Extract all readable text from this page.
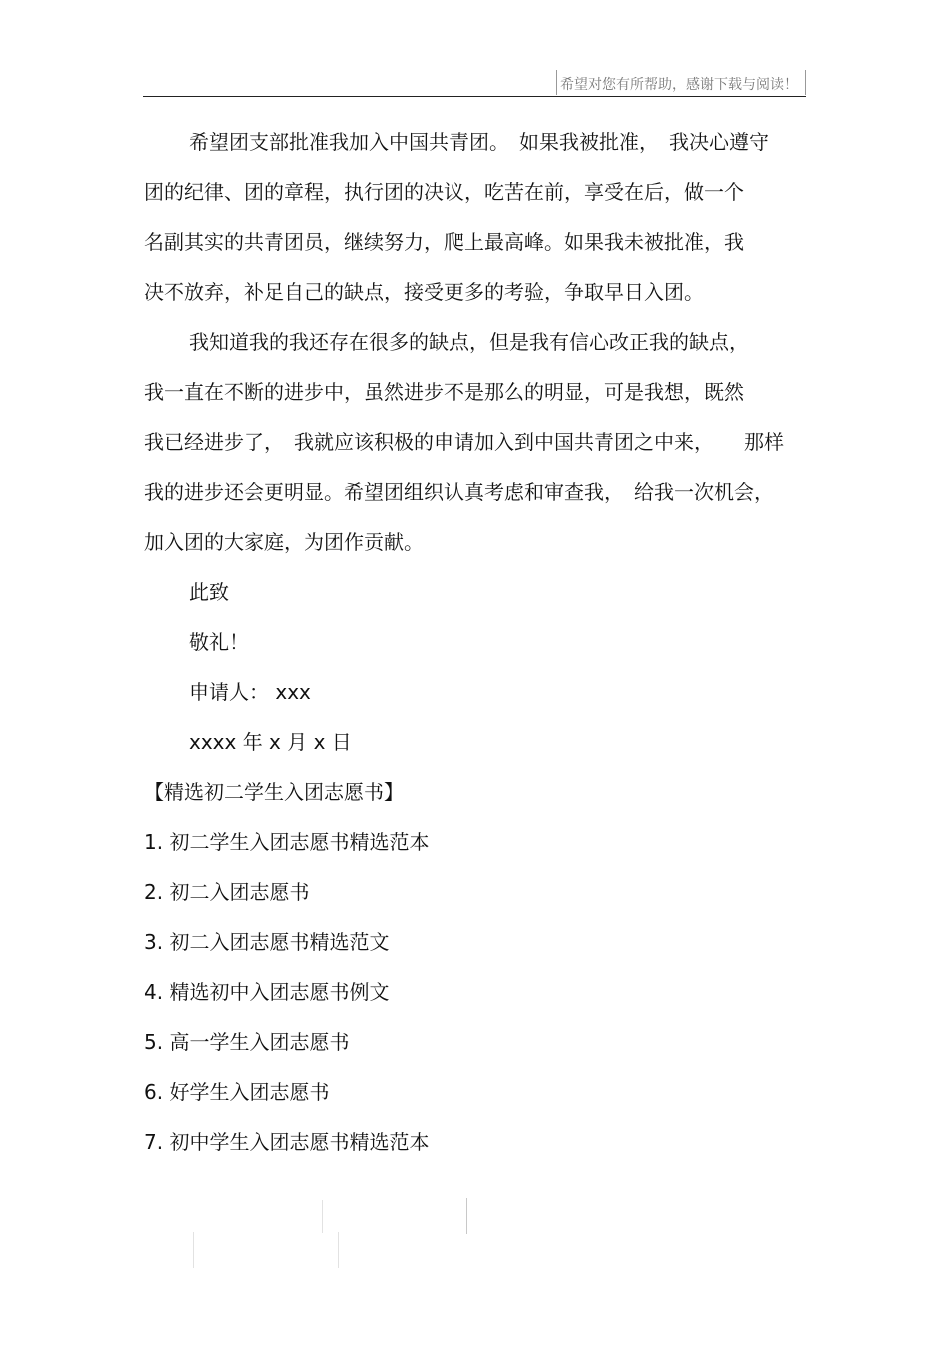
希望对您有所帮助，感谢下载与阅读！
希望团支部批准我加入中国共青团。　如果我被批准，　我决心遵守
团的纪律、团的章程，执行团的决议，吃苦在前，享受在后，做一个
名副其实的共青团员，继续努力，爬上最高峰。如果我未被批准，我
决不放弃，补足自己的缺点，接受更多的考验，争取早日入团。
我知道我的我还存在很多的缺点，但是我有信心改正我的缺点，
我一直在不断的进步中，虽然进步不是那么的明显，可是我想，既然
我已经进步了，　我就应该积极的申请加入到中国共青团之中来，　　那样
我的进步还会更明显。希望团组织认真考虑和审查我，　给我一次机会，
加入团的大家庭，为团作贡献。
此致
敬礼！
申请人： xxx
xxxx 年 x 月 x 日
【精选初二学生入团志愿书】
1. 初二学生入团志愿书精选范本
2. 初二入团志愿书
3. 初二入团志愿书精选范文
4. 精选初中入团志愿书例文
5. 高一学生入团志愿书
6. 好学生入团志愿书
7. 初中学生入团志愿书精选范本
